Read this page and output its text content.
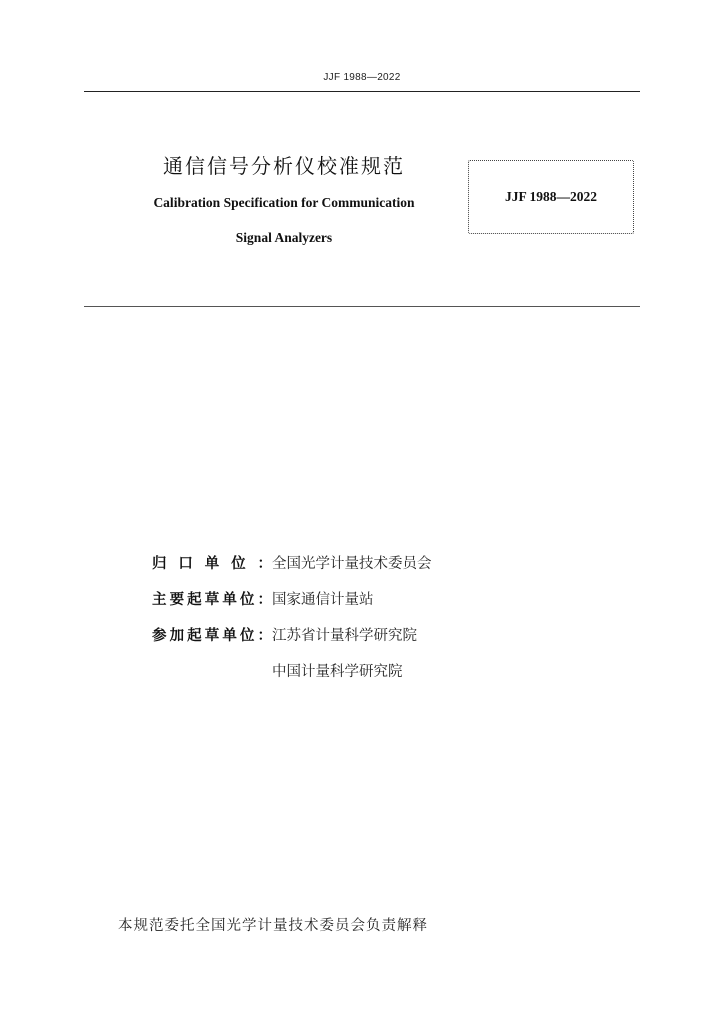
JJF 1988—2022
通信信号分析仪校准规范
Calibration Specification for Communication
Signal Analyzers
JJF 1988—2022
归口单位：全国光学计量技术委员会
主要起草单位：国家通信计量站
参加起草单位：江苏省计量科学研究院
中国计量科学研究院
本规范委托全国光学计量技术委员会负责解释
